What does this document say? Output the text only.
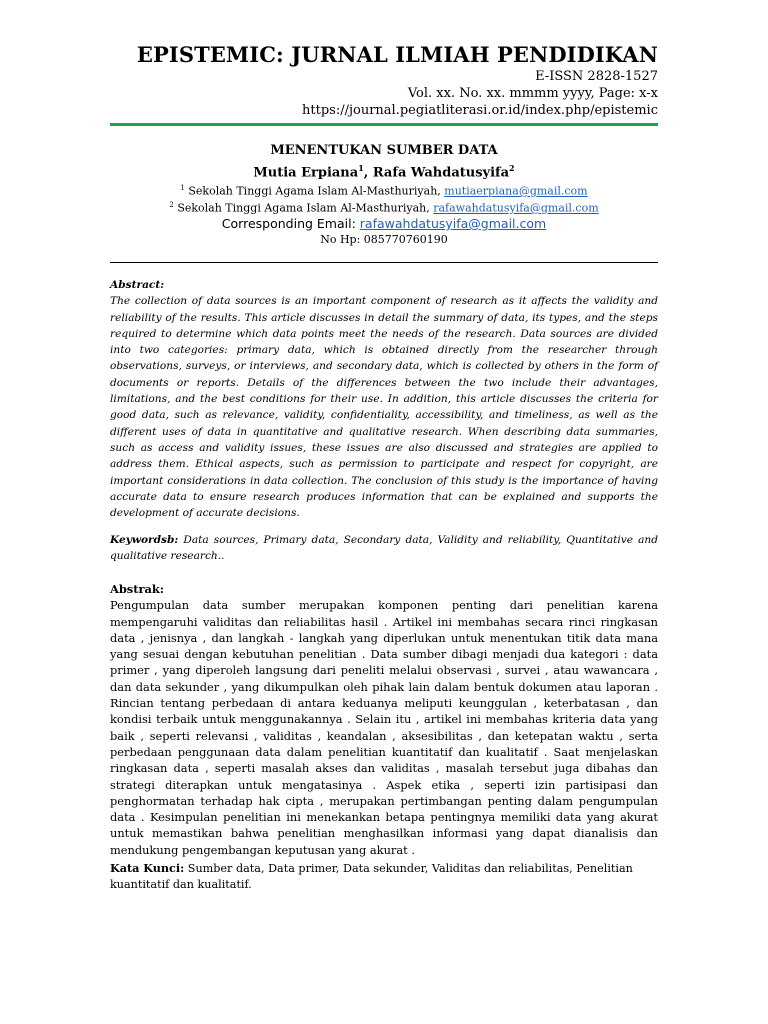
EPISTEMIC: JURNAL ILMIAH PENDIDIKAN
E-ISSN 2828-1527
Vol. xx. No. xx. mmmm yyyy, Page: x-x
https://journal.pegiatliterasi.or.id/index.php/epistemic
MENENTUKAN SUMBER DATA
Mutia Erpiana$^1$, Rafa Wahdatusyifa$^2$
$^1$ Sekolah Tinggi Agama Islam Al-Masthuriyah, mutiaerpiana@gmail.com
$^2$ Sekolah Tinggi Agama Islam Al-Masthuriyah, rafawahdatusyifa@gmail.com
Corresponding Email: rafawahdatusyifa@gmail.com
No Hp: 085770760190
Abstract:
The collection of data sources is an important component of research as it affects the validity and reliability of the results. This article discusses in detail the summary of data, its types, and the steps required to determine which data points meet the needs of the research. Data sources are divided into two categories: primary data, which is obtained directly from the researcher through observations, surveys, or interviews, and secondary data, which is collected by others in the form of documents or reports. Details of the differences between the two include their advantages, limitations, and the best conditions for their use. In addition, this article discusses the criteria for good data, such as relevance, validity, confidentiality, accessibility, and timeliness, as well as the different uses of data in quantitative and qualitative research. When describing data summaries, such as access and validity issues, these issues are also discussed and strategies are applied to address them. Ethical aspects, such as permission to participate and respect for copyright, are important considerations in data collection. The conclusion of this study is the importance of having accurate data to ensure research produces information that can be explained and supports the development of accurate decisions.
Keywordsb: Data sources, Primary data, Secondary data, Validity and reliability, Quantitative and qualitative research..
Abstrak:
Pengumpulan data sumber merupakan komponen penting dari penelitian karena mempengaruhi validitas dan reliabilitas hasil . Artikel ini membahas secara rinci ringkasan data , jenisnya , dan langkah - langkah yang diperlukan untuk menentukan titik data mana yang sesuai dengan kebutuhan penelitian . Data sumber dibagi menjadi dua kategori : data primer , yang diperoleh langsung dari peneliti melalui observasi , survei , atau wawancara , dan data sekunder , yang dikumpulkan oleh pihak lain dalam bentuk dokumen atau laporan . Rincian tentang perbedaan di antara keduanya meliputi keunggulan , keterbatasan , dan kondisi terbaik untuk menggunakannya . Selain itu , artikel ini membahas kriteria data yang baik , seperti relevansi , validitas , keandalan , aksesibilitas , dan ketepatan waktu , serta perbedaan penggunaan data dalam penelitian kuantitatif dan kualitatif . Saat menjelaskan ringkasan data , seperti masalah akses dan validitas , masalah tersebut juga dibahas dan strategi diterapkan untuk mengatasinya . Aspek etika , seperti izin partisipasi dan penghormatan terhadap hak cipta , merupakan pertimbangan penting dalam pengumpulan data . Kesimpulan penelitian ini menekankan betapa pentingnya memiliki data yang akurat untuk memastikan bahwa penelitian menghasilkan informasi yang dapat dianalisis dan mendukung pengembangan keputusan yang akurat .
Kata Kunci: Sumber data, Data primer, Data sekunder, Validitas dan reliabilitas, Penelitian kuantitatif dan kualitatif.
